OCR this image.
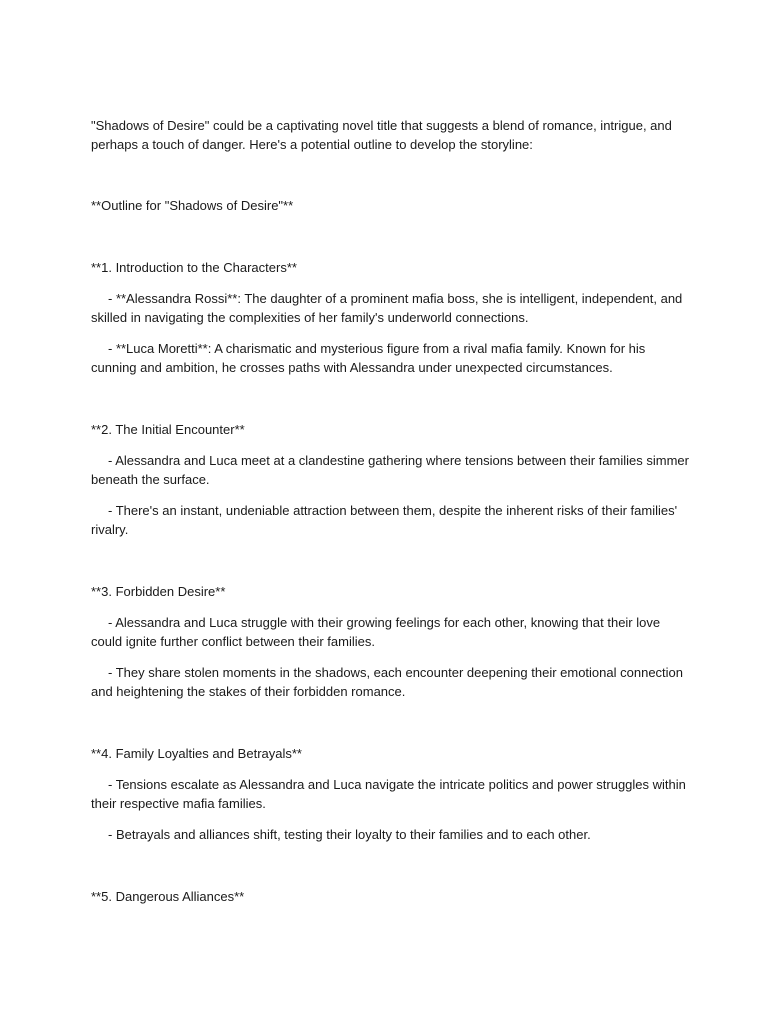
"Shadows of Desire" could be a captivating novel title that suggests a blend of romance, intrigue, and perhaps a touch of danger. Here's a potential outline to develop the storyline:

**Outline for "Shadows of Desire"**

**1. Introduction to the Characters**

- **Alessandra Rossi**: The daughter of a prominent mafia boss, she is intelligent, independent, and skilled in navigating the complexities of her family's underworld connections.

- **Luca Moretti**: A charismatic and mysterious figure from a rival mafia family. Known for his cunning and ambition, he crosses paths with Alessandra under unexpected circumstances.

**2. The Initial Encounter**

- Alessandra and Luca meet at a clandestine gathering where tensions between their families simmer beneath the surface.

- There's an instant, undeniable attraction between them, despite the inherent risks of their families' rivalry.

**3. Forbidden Desire**

- Alessandra and Luca struggle with their growing feelings for each other, knowing that their love could ignite further conflict between their families.

- They share stolen moments in the shadows, each encounter deepening their emotional connection and heightening the stakes of their forbidden romance.

**4. Family Loyalties and Betrayals**

- Tensions escalate as Alessandra and Luca navigate the intricate politics and power struggles within their respective mafia families.

- Betrayals and alliances shift, testing their loyalty to their families and to each other.

**5. Dangerous Alliances**
